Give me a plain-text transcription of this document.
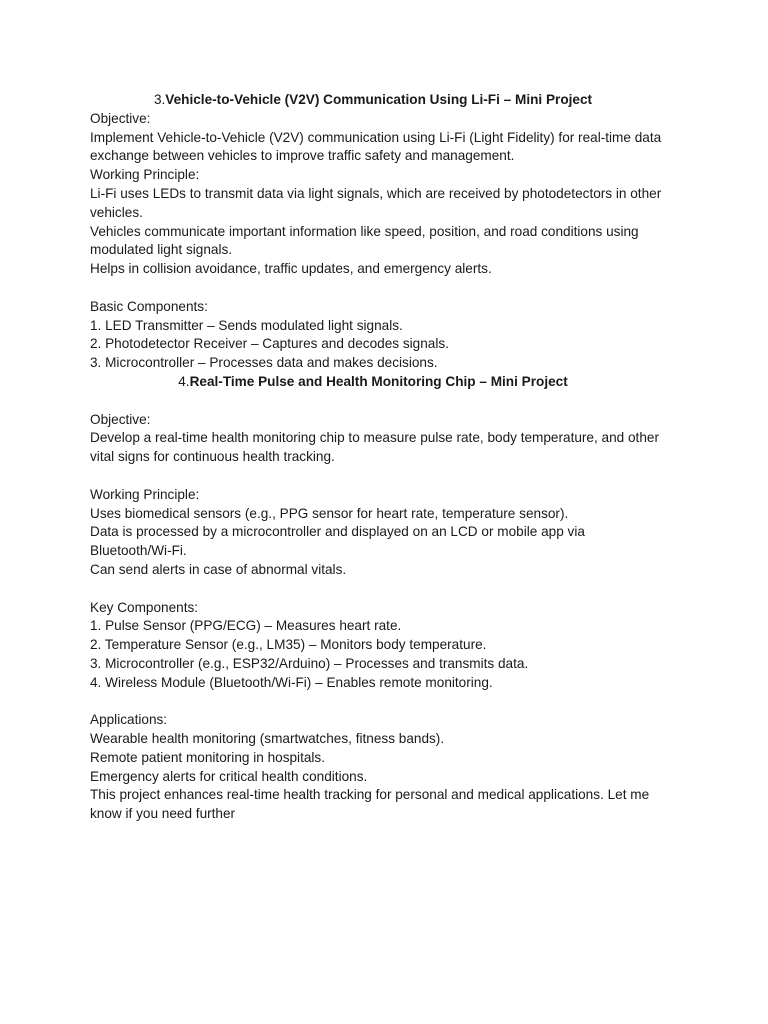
3.Vehicle-to-Vehicle (V2V) Communication Using Li-Fi – Mini Project

Objective:

Implement Vehicle-to-Vehicle (V2V) communication using Li-Fi (Light Fidelity) for real-time data

exchange between vehicles to improve traffic safety and management.

Working Principle:

Li-Fi uses LEDs to transmit data via light signals, which are received by photodetectors in other

vehicles.

Vehicles communicate important information like speed, position, and road conditions using

modulated light signals.

Helps in collision avoidance, traffic updates, and emergency alerts.

Basic Components:

1. LED Transmitter – Sends modulated light signals.

2. Photodetector Receiver – Captures and decodes signals.

3. Microcontroller – Processes data and makes decisions.

4.Real-Time Pulse and Health Monitoring Chip – Mini Project

Objective:

Develop a real-time health monitoring chip to measure pulse rate, body temperature, and other

vital signs for continuous health tracking.

Working Principle:

Uses biomedical sensors (e.g., PPG sensor for heart rate, temperature sensor).

Data is processed by a microcontroller and displayed on an LCD or mobile app via

Bluetooth/Wi-Fi.

Can send alerts in case of abnormal vitals.

Key Components:

1. Pulse Sensor (PPG/ECG) – Measures heart rate.

2. Temperature Sensor (e.g., LM35) – Monitors body temperature.

3. Microcontroller (e.g., ESP32/Arduino) – Processes and transmits data.

4. Wireless Module (Bluetooth/Wi-Fi) – Enables remote monitoring.

Applications:

Wearable health monitoring (smartwatches, fitness bands).

Remote patient monitoring in hospitals.

Emergency alerts for critical health conditions.

This project enhances real-time health tracking for personal and medical applications. Let me

know if you need further
